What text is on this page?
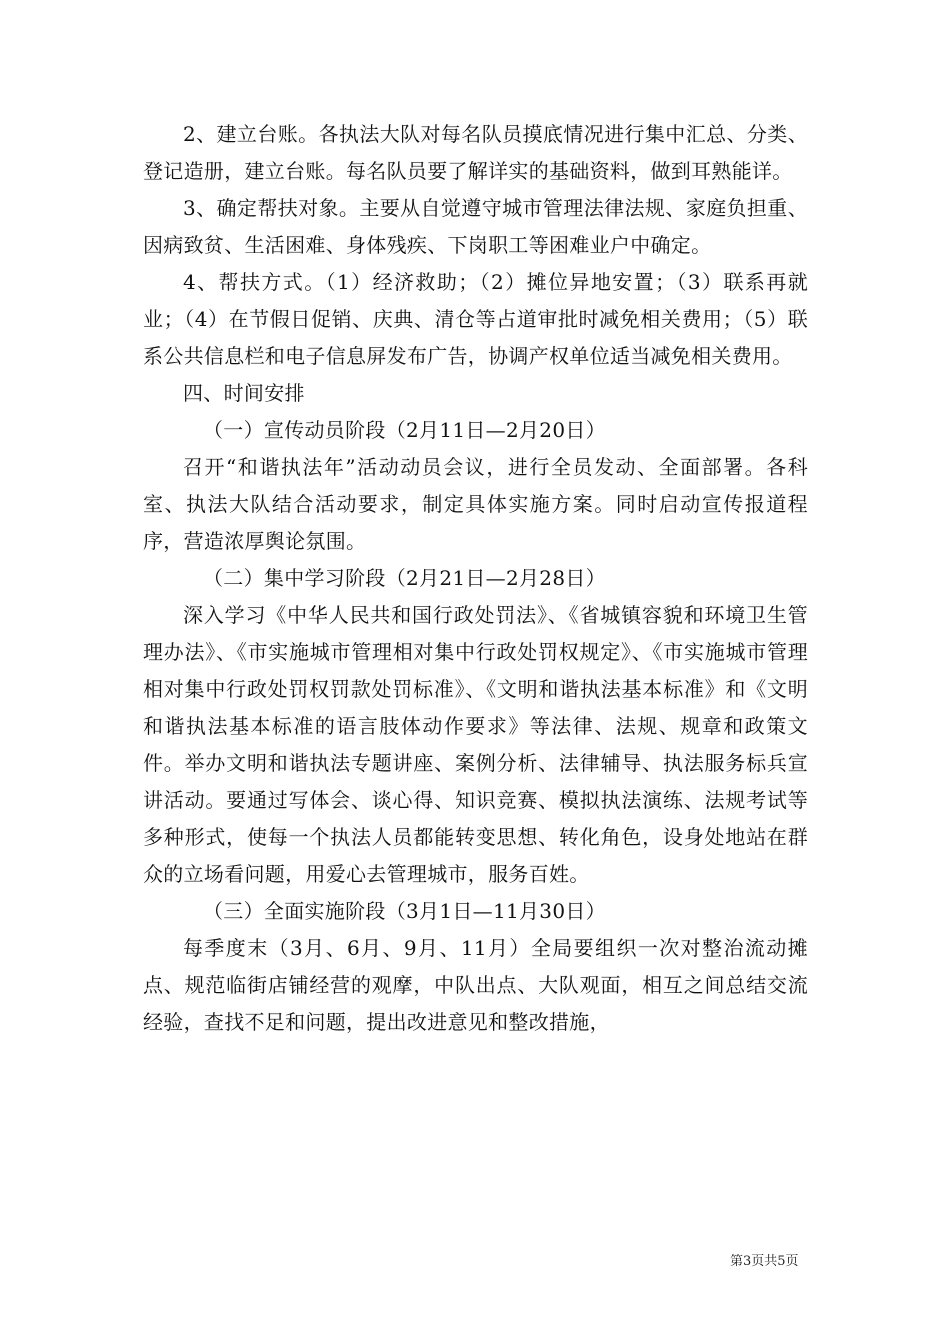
2、建立台账。各执法大队对每名队员摸底情况进行集中汇总、分类、登记造册，建立台账。每名队员要了解详实的基础资料，做到耳熟能详。

3、确定帮扶对象。主要从自觉遵守城市管理法律法规、家庭负担重、因病致贫、生活困难、身体残疾、下岗职工等困难业户中确定。

4、帮扶方式。（1）经济救助；（2）摊位异地安置；（3）联系再就业；（4）在节假日促销、庆典、清仓等占道审批时减免相关费用；（5）联系公共信息栏和电子信息屏发布广告，协调产权单位适当减免相关费用。

四、时间安排

（一）宣传动员阶段（2月11日—2月20日）

召开“和谐执法年”活动动员会议，进行全员发动、全面部署。各科室、执法大队结合活动要求，制定具体实施方案。同时启动宣传报道程序，营造浓厚舆论氛围。

（二）集中学习阶段（2月21日—2月28日）

深入学习《中华人民共和国行政处罚法》、《省城镇容貌和环境卫生管理办法》、《市实施城市管理相对集中行政处罚权规定》、《市实施城市管理相对集中行政处罚权罚款处罚标准》、《文明和谐执法基本标准》和《文明和谐执法基本标准的语言肢体动作要求》等法律、法规、规章和政策文件。举办文明和谐执法专题讲座、案例分析、法律辅导、执法服务标兵宣讲活动。要通过写体会、谈心得、知识竞赛、模拟执法演练、法规考试等多种形式，使每一个执法人员都能转变思想、转化角色，设身处地站在群众的立场看问题，用爱心去管理城市，服务百姓。

（三）全面实施阶段（3月1日—11月30日）

每季度末（3月、6月、9月、11月）全局要组织一次对整治流动摊点、规范临街店铺经营的观摩，中队出点、大队观面，相互之间总结交流经验，查找不足和问题，提出改进意见和整改措施，

第3页共5页
